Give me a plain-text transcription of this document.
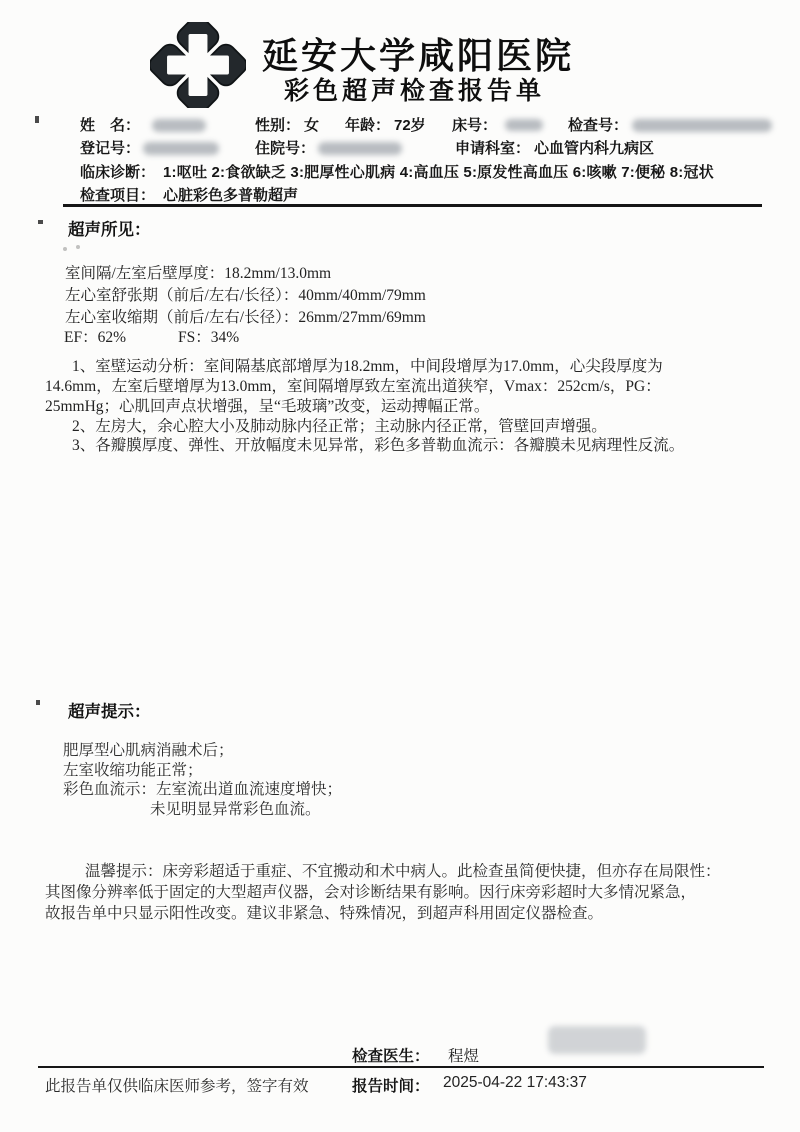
延安大学咸阳医院
彩色超声检查报告单
姓　名：	性别： 女 年龄： 72岁 床号：	检查号：
登记号：	住院号：	申请科室： 心血管内科九病区
临床诊断： 1:呕吐 2:食欲缺乏 3:肥厚性心肌病 4:高血压 5:原发性高血压 6:咳嗽 7:便秘 8:冠状
检查项目： 心脏彩色多普勒超声
超声所见：
室间隔/左室后壁厚度：18.2mm/13.0mm
左心室舒张期（前后/左右/长径）：40mm/40mm/79mm
左心室收缩期（前后/左右/长径）：26mm/27mm/69mm
EF：62%	FS：34%
1、室壁运动分析：室间隔基底部增厚为18.2mm，中间段增厚为17.0mm，心尖段厚度为
14.6mm，左室后壁增厚为13.0mm，室间隔增厚致左室流出道狭窄，Vmax：252cm/s，PG：
25mmHg；心肌回声点状增强，呈“毛玻璃”改变，运动搏幅正常。
2、左房大，余心腔大小及肺动脉内径正常；主动脉内径正常，管壁回声增强。
3、各瓣膜厚度、弹性、开放幅度未见异常，彩色多普勒血流示：各瓣膜未见病理性反流。
超声提示：
肥厚型心肌病消融术后；
左室收缩功能正常；
彩色血流示：左室流出道血流速度增快；
未见明显异常彩色血流。
温馨提示：床旁彩超适于重症、不宜搬动和术中病人。此检查虽简便快捷，但亦存在局限性：
其图像分辨率低于固定的大型超声仪器，会对诊断结果有影响。因行床旁彩超时大多情况紧急，
故报告单中只显示阳性改变。建议非紧急、特殊情况，到超声科用固定仪器检查。
检查医生： 程煜
此报告单仅供临床医师参考，签字有效	报告时间： 2025-04-22 17:43:37
